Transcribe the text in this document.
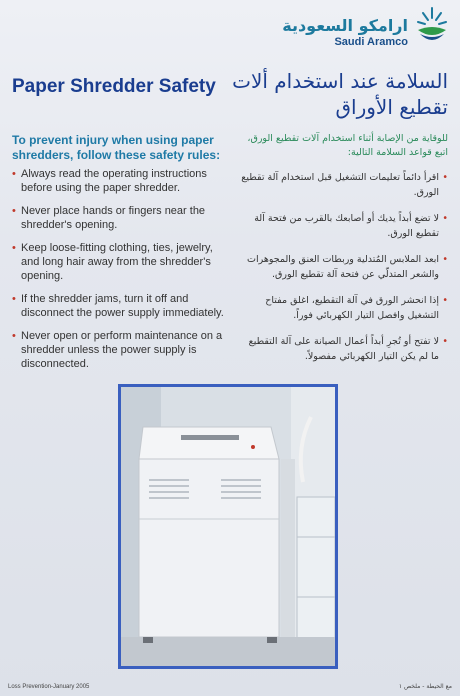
ارامكو السعودية
Saudi Aramco
Paper Shredder Safety السلامة عند استخدام ألات تقطيع الأوراق
To prevent injury when using paper shredders, follow these safety rules:
• Always read the operating instructions before using the paper shredder.
• Never place hands or fingers near the shredder's opening.
• Keep loose-fitting clothing, ties, jewelry, and long hair away from the shredder's opening.
• If the shredder jams, turn it off and disconnect the power supply immediately.
• Never open or perform maintenance on a shredder unless the power supply is disconnected.
للوقاية من الإصابة أثناء استخدام آلات تقطيع الورق، اتبع قواعد السلامة التالية:
• اقرأ دائماً تعليمات التشغيل قبل استخدام آلة تقطيع الورق.
• لا تضع أبداً يديك أو أصابعك بالقرب من فتحة آلة تقطيع الورق.
• ابعد الملابس المُتدلية وربطات العنق والمجوهرات والشعر المتدلّي عن فتحة آلة تقطيع الورق.
• إذا انحشر الورق في آلة التقطيع، اغلق مفتاح التشغيل وافصل التيار الكهربائي فوراً.
• لا تفتح أو تُجرِ أبداً أعمال الصيانة على آلة التقطيع ما لم يكن التيار الكهربائي مفصولاً.
Loss Prevention-January 2005	مع الحيطة - ملخص ١
